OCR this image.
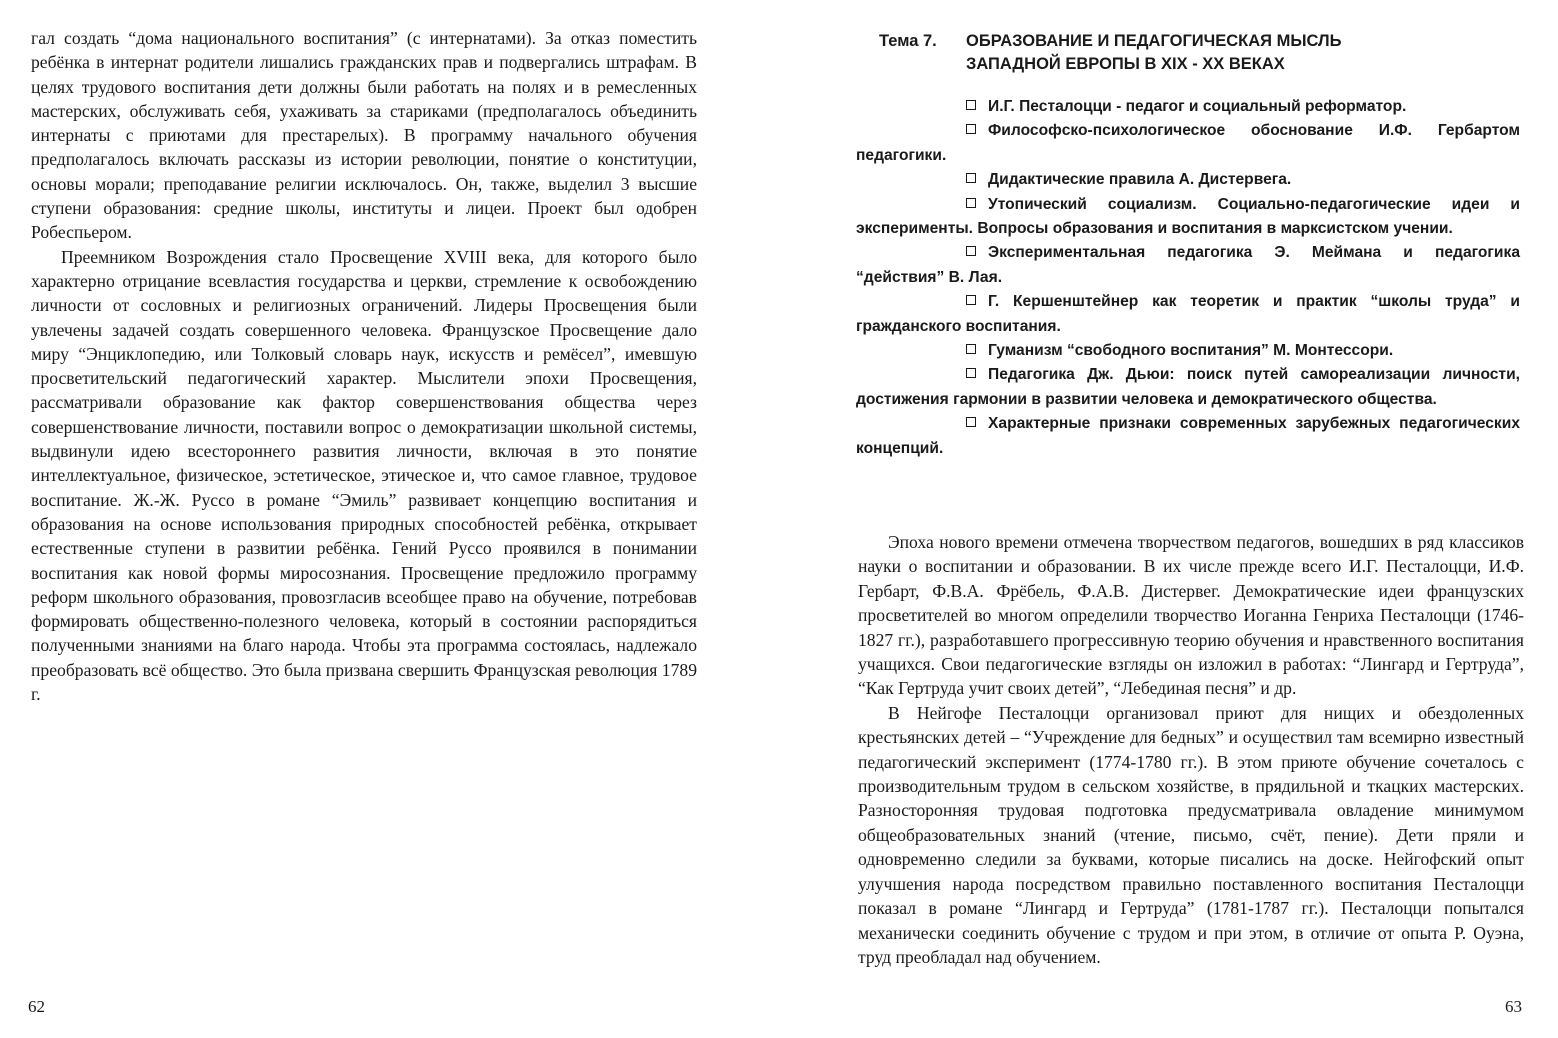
гал создать “дома национального воспитания” (с интернатами). За отказ поместить ребёнка в интернат родители лишались гражданских прав и подвергались штрафам. В целях трудового воспитания дети должны были работать на полях и в ремесленных мастерских, обслуживать себя, ухаживать за стариками (предполагалось объединить интернаты с приютами для престарелых). В программу начального обучения предполагалось включать рассказы из истории революции, понятие о конституции, основы морали; преподавание религии исключалось. Он, также, выделил 3 высшие ступени образования: средние школы, институты и лицеи. Проект был одобрен Робеспьером.

Преемником Возрождения стало Просвещение XVIII века, для которого было характерно отрицание всевластия государства и церкви, стремление к освобождению личности от сословных и религиозных ограничений. Лидеры Просвещения были увлечены задачей создать совершенного человека. Французское Просвещение дало миру “Энциклопедию, или Толковый словарь наук, искусств и ремёсел”, имевшую просветительский педагогический характер. Мыслители эпохи Просвещения, рассматривали образование как фактор совершенствования общества через совершенствование личности, поставили вопрос о демократизации школьной системы, выдвинули идею всестороннего развития личности, включая в это понятие интеллектуальное, физическое, эстетическое, этическое и, что самое главное, трудовое воспитание. Ж.-Ж. Руссо в романе “Эмиль” развивает концепцию воспитания и образования на основе использования природных способностей ребёнка, открывает естественные ступени в развитии ребёнка. Гений Руссо проявился в понимании воспитания как новой формы миросознания. Просвещение предложило программу реформ школьного образования, провозгласив всеобщее право на обучение, потребовав формировать общественно-полезного человека, который в состоянии распорядиться полученными знаниями на благо народа. Чтобы эта программа состоялась, надлежало преобразовать всё общество. Это была призвана свершить Французская революция 1789 г.

62
Тема 7.	ОБРАЗОВАНИЕ И ПЕДАГОГИЧЕСКАЯ МЫСЛЬ
ЗАПАДНОЙ ЕВРОПЫ В XIX - XX ВЕКАХ
И.Г. Песталоцци - педагог и социальный реформатор.
Философско-психологическое обоснование И.Ф. Гербартом педагогики.
Дидактические правила А. Дистервега.
Утопический социализм. Социально-педагогические идеи и эксперименты. Вопросы образования и воспитания в марксистском учении.
Экспериментальная педагогика Э. Меймана и педагогика “действия” В. Лая.
Г. Кершенштейнер как теоретик и практик “школы труда” и гражданского воспитания.
Гуманизм “свободного воспитания” М. Монтессори.
Педагогика Дж. Дьюи: поиск путей самореализации личности, достижения гармонии в развитии человека и демократического общества.
Характерные признаки современных зарубежных педагогических концепций.

Эпоха нового времени отмечена творчеством педагогов, вошедших в ряд классиков науки о воспитании и образовании. В их числе прежде всего И.Г. Песталоцци, И.Ф. Гербарт, Ф.В.А. Фрёбель, Ф.А.В. Дистервег. Демократические идеи французских просветителей во многом определили творчество Иоганна Генриха Песталоцци (1746-1827 гг.), разработавшего прогрессивную теорию обучения и нравственного воспитания учащихся. Свои педагогические взгляды он изложил в работах: “Лингард и Гертруда”, “Как Гертруда учит своих детей”, “Лебединая песня” и др.

В Нейгофе Песталоцци организовал приют для нищих и обездоленных крестьянских детей – “Учреждение для бедных” и осуществил там всемирно известный педагогический эксперимент (1774-1780 гг.). В этом приюте обучение сочеталось с производительным трудом в сельском хозяйстве, в прядильной и ткацких мастерских. Разносторонняя трудовая подготовка предусматривала овладение минимумом общеобразовательных знаний (чтение, письмо, счёт, пение). Дети пряли и одновременно следили за буквами, которые писались на доске. Нейгофский опыт улучшения народа посредством правильно поставленного воспитания Песталоцци показал в романе “Лингард и Гертруда” (1781-1787 гг.). Песталоцци попытался механически соединить обучение с трудом и при этом, в отличие от опыта Р. Оуэна, труд преобладал над обучением.

63
